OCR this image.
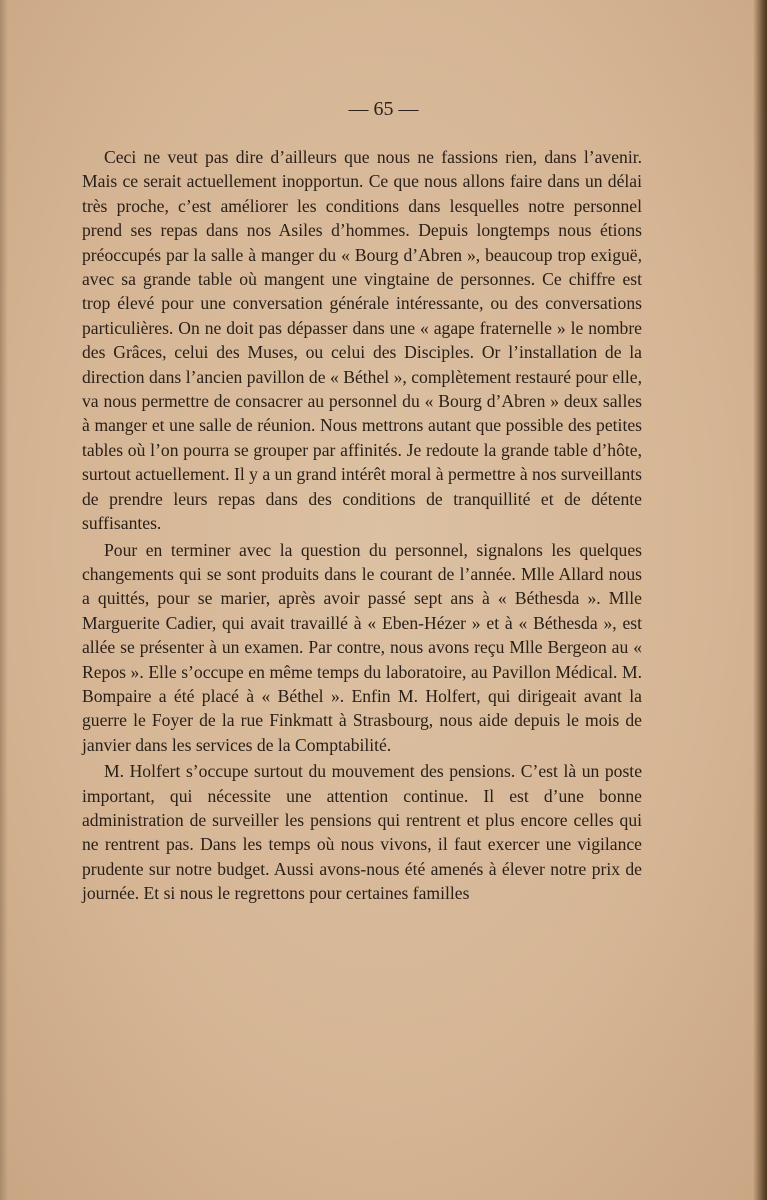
— 65 —

Ceci ne veut pas dire d’ailleurs que nous ne fassions rien, dans l’avenir. Mais ce serait actuellement inopportun. Ce que nous allons faire dans un délai très proche, c’est améliorer les conditions dans lesquelles notre personnel prend ses repas dans nos Asiles d’hommes. Depuis longtemps nous étions préoccupés par la salle à manger du « Bourg d’Abren », beaucoup trop exiguë, avec sa grande table où mangent une vingtaine de personnes. Ce chiffre est trop élevé pour une conversation générale intéressante, ou des conversations particulières. On ne doit pas dépasser dans une « agape fraternelle » le nombre des Grâces, celui des Muses, ou celui des Disciples. Or l’installation de la direction dans l’ancien pavillon de « Béthel », complètement restauré pour elle, va nous permettre de consacrer au personnel du « Bourg d’Abren » deux salles à manger et une salle de réunion. Nous mettrons autant que possible des petites tables où l’on pourra se grouper par affinités. Je redoute la grande table d’hôte, surtout actuellement. Il y a un grand intérêt moral à permettre à nos surveillants de prendre leurs repas dans des conditions de tranquillité et de détente suffisantes.

Pour en terminer avec la question du personnel, signalons les quelques changements qui se sont produits dans le courant de l’année. Mlle Allard nous a quittés, pour se marier, après avoir passé sept ans à « Béthesda ». Mlle Marguerite Cadier, qui avait travaillé à « Eben-Hézer » et à « Béthesda », est allée se présenter à un examen. Par contre, nous avons reçu Mlle Bergeon au « Repos ». Elle s’occupe en même temps du laboratoire, au Pavillon Médical. M. Bompaire a été placé à « Béthel ». Enfin M. Holfert, qui dirigeait avant la guerre le Foyer de la rue Finkmatt à Strasbourg, nous aide depuis le mois de janvier dans les services de la Comptabilité.

M. Holfert s’occupe surtout du mouvement des pensions. C’est là un poste important, qui nécessite une attention continue. Il est d’une bonne administration de surveiller les pensions qui rentrent et plus encore celles qui ne rentrent pas. Dans les temps où nous vivons, il faut exercer une vigilance prudente sur notre budget. Aussi avons-nous été amenés à élever notre prix de journée. Et si nous le regrettons pour certaines familles
